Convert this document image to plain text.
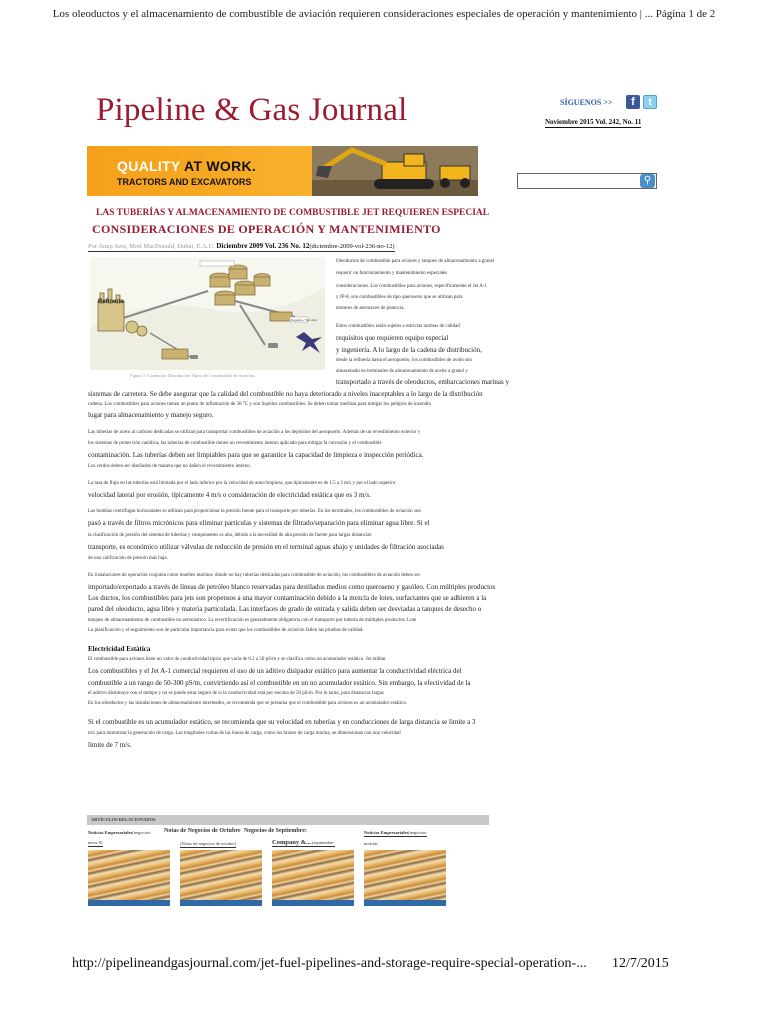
Los oleoductos y el almacenamiento de combustible de aviación requieren consideraciones especiales de operación y mantenimiento | ... Página 1 de 2
Pipeline & Gas Journal	SÍGUENOS >>	f	t
Noviembre 2015 Vol. 242, No. 11
QUALITY AT WORK.
TRACTORS AND EXCAVATORS	⚲
LAS TUBERÍAS Y ALMACENAMIENTO DE COMBUSTIBLE JET REQUIEREN ESPECIAL
CONSIDERACIONES DE OPERACIÓN Y MANTENIMIENTO
Por Anup Sera, Mott MacDonald, Dubái, E.A.U. Diciembre 2009 Vol. 236 No. 12(diciembre-2009-vol-236-no-12)
Refinería
Depósito / Terminal
Figura 1: Cadena de Distribución Típica de Combustible de Aviación.
Oleoductos de combustible para aviones y tanques de almacenamiento a granel
requerir un funcionamiento y mantenimiento especiales
consideraciones. Los combustibles para aviones, específicamente el Jet A-1
y JP-8, son combustibles de tipo queroseno que se utilizan para
motores de aeronaves de potencia.
Estos combustibles están sujetos a estrictas normas de calidad
requisitos que requieren equipo especial
y ingeniería. A lo largo de la cadena de distribución,
desde la refinería hasta el aeropuerto, los combustibles de avión son
almacenado en terminales de almacenamiento de aceite a granel y
transportado a través de oleoductos, embarcaciones marinas y
sistemas de carretera. Se debe asegurar que la calidad del combustible no haya deteriorado a niveles inaceptables a lo largo de la distribución
cadena. Los combustibles para aviones tienen un punto de inflamación de 38 °C y son líquidos combustibles. Se deben tomar medidas para mitigar los peligros de incendio
lugar para almacenamiento y manejo seguro.
Las tuberías de acero al carbono dedicadas se utilizan para transportar combustibles de aviación a los depósitos del aeropuerto. Además de un revestimiento exterior y
los sistemas de protección catódica, las tuberías de combustible tienen un revestimiento interno aplicado para mitigar la corrosión y el combustible
contaminación. Las tuberías deben ser limpiables para que se garantice la capacidad de limpieza e inspección periódica.
Los cerdos deben ser diseñados de manera que no dañen el revestimiento interno.
La tasa de flujo en las tuberías está limitada por el lado inferior por la velocidad de auto-limpieza, que típicamente es de 1.5 a 2 m/s y por el lado superior
velocidad lateral por erosión, típicamente 4 m/s o consideración de electricidad estática que es 3 m/s.
Las bombas centrífugas horizontales se utilizan para proporcionar la presión fuente para el transporte por tuberías. En los terminales, los combustibles de aviación son
pasó a través de filtros micrónicos para eliminar partículas y sistemas de filtrado/separación para eliminar agua libre. Si el
la clasificación de presión del sistema de tuberías y componentes es alta, debido a la necesidad de alta presión de fuente para largas distancias
transporte, es económico utilizar válvulas de reducción de presión en el terminal aguas abajo y unidades de filtración asociadas
de una calificación de presión más baja.
En instalaciones de operación conjunta como muelles marinos, donde no hay tuberías dedicadas para combustible de aviación, los combustibles de aviación deben ser
importado/exportado a través de líneas de petróleo blanco reservadas para destilados medios como queroseno y gasóleo. Con múltiples productos
Los ductos, los combustibles para jets son propensos a una mayor contaminación debido a la mezcla de lotes, surfactantes que se adhieren a la
pared del oleoducto, agua libre y materia particulada. Las interfaces de grado de entrada y salida deben ser desviadas a tanques de desecho o
tanques de almacenamiento de combustible no aeronáutico. La recertificación es generalmente obligatoria con el transporte por tubería de múltiples productos. Lote
La planificación y el seguimiento son de particular importancia para evitar que los combustibles de aviación fallen las pruebas de calidad.
Electricidad Estática
El combustible para aviones tiene un valor de conductividad típico que varía de 0.2 a 50 pS/m y se clasifica como un acumulador estático. Jet militar
Los combustibles y el Jet A-1 comercial requieren el uso de un aditivo disipador estático para aumentar la conductividad eléctrica del
combustible a un rango de 50-300 pS/m, convirtiendo así el combustible en un no acumulador estático. Sin embargo, la efectividad de la
el aditivo disminuye con el tiempo y no se puede estar seguro de si la conductividad está por encima de 50 pS/m. Por lo tanto, para distancias largas
En los oleoductos y las instalaciones de almacenamiento intermedio, se recomienda que se presuma que el combustible para aviones es un acumulador estático.
Si el combustible es un acumulador estático, se recomienda que su velocidad en tuberías y en conducciones de larga distancia se limite a 3
m/s para minimizar la generación de carga. Las longitudes cortas de las líneas de carga, como los brazos de carga marina, se dimensionan con una velocidad
límite de 7 m/s.
ARTÍCULOS RELACIONADOS
Noticias Empresariales(negocios-
news-0)
Notas de Negocios de Octubre
(Notas de negocios de octubre)
Negocios de Septiembre:
Company &... (septiembre-
Noticias Empresariales(negocios-
noticias
http://pipelineandgasjournal.com/jet-fuel-pipelines-and-storage-require-special-operation-... 12/7/2015
